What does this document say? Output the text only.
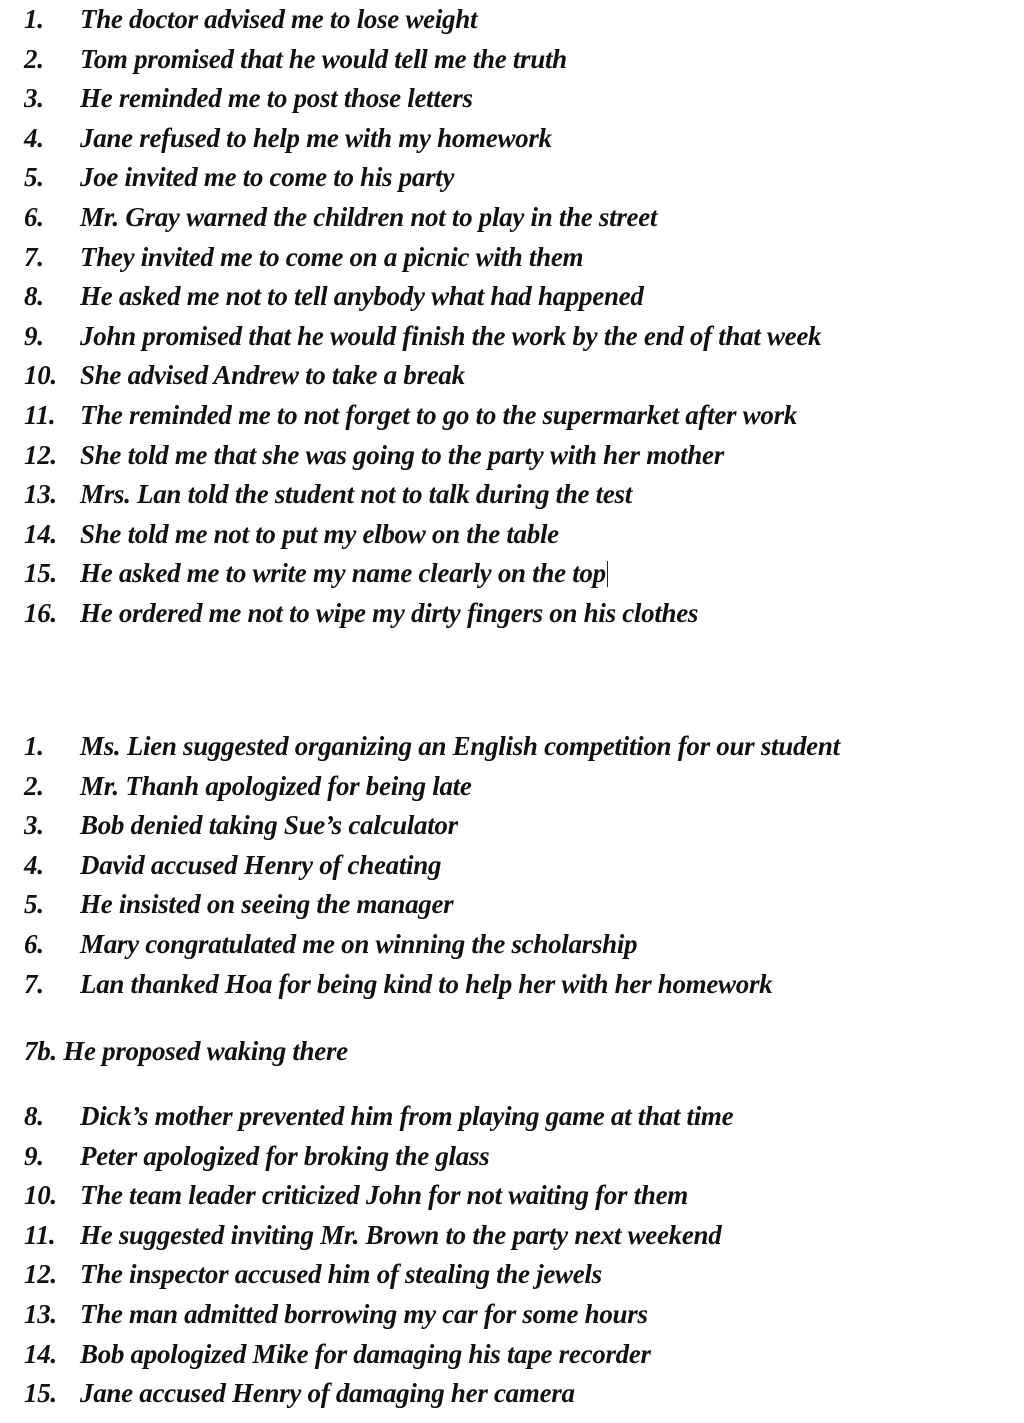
1. The doctor advised me to lose weight
2. Tom promised that he would tell me the truth
3. He reminded me to post those letters
4. Jane refused to help me with my homework
5. Joe invited me to come to his party
6. Mr. Gray warned the children not to play in the street
7. They invited me to come on a picnic with them
8. He asked me not to tell anybody what had happened
9. John promised that he would finish the work by the end of that week
10. She advised Andrew to take a break
11. The reminded me to not forget to go to the supermarket after work
12. She told me that she was going to the party with her mother
13. Mrs. Lan told the student not to talk during the test
14. She told me not to put my elbow on the table
15. He asked me to write my name clearly on the top
16. He ordered me not to wipe my dirty fingers on his clothes
1. Ms. Lien suggested organizing an English competition for our student
2. Mr. Thanh apologized for being late
3. Bob denied taking Sue’s calculator
4. David accused Henry of cheating
5. He insisted on seeing the manager
6. Mary congratulated me on winning the scholarship
7. Lan thanked Hoa for being kind to help her with her homework
7b. He proposed waking there
8. Dick’s mother prevented him from playing game at that time
9. Peter apologized for broking the glass
10. The team leader criticized John for not waiting for them
11. He suggested inviting Mr. Brown to the party next weekend
12. The inspector accused him of stealing the jewels
13. The man admitted borrowing my car for some hours
14. Bob apologized Mike for damaging his tape recorder
15. Jane accused Henry of damaging her camera
